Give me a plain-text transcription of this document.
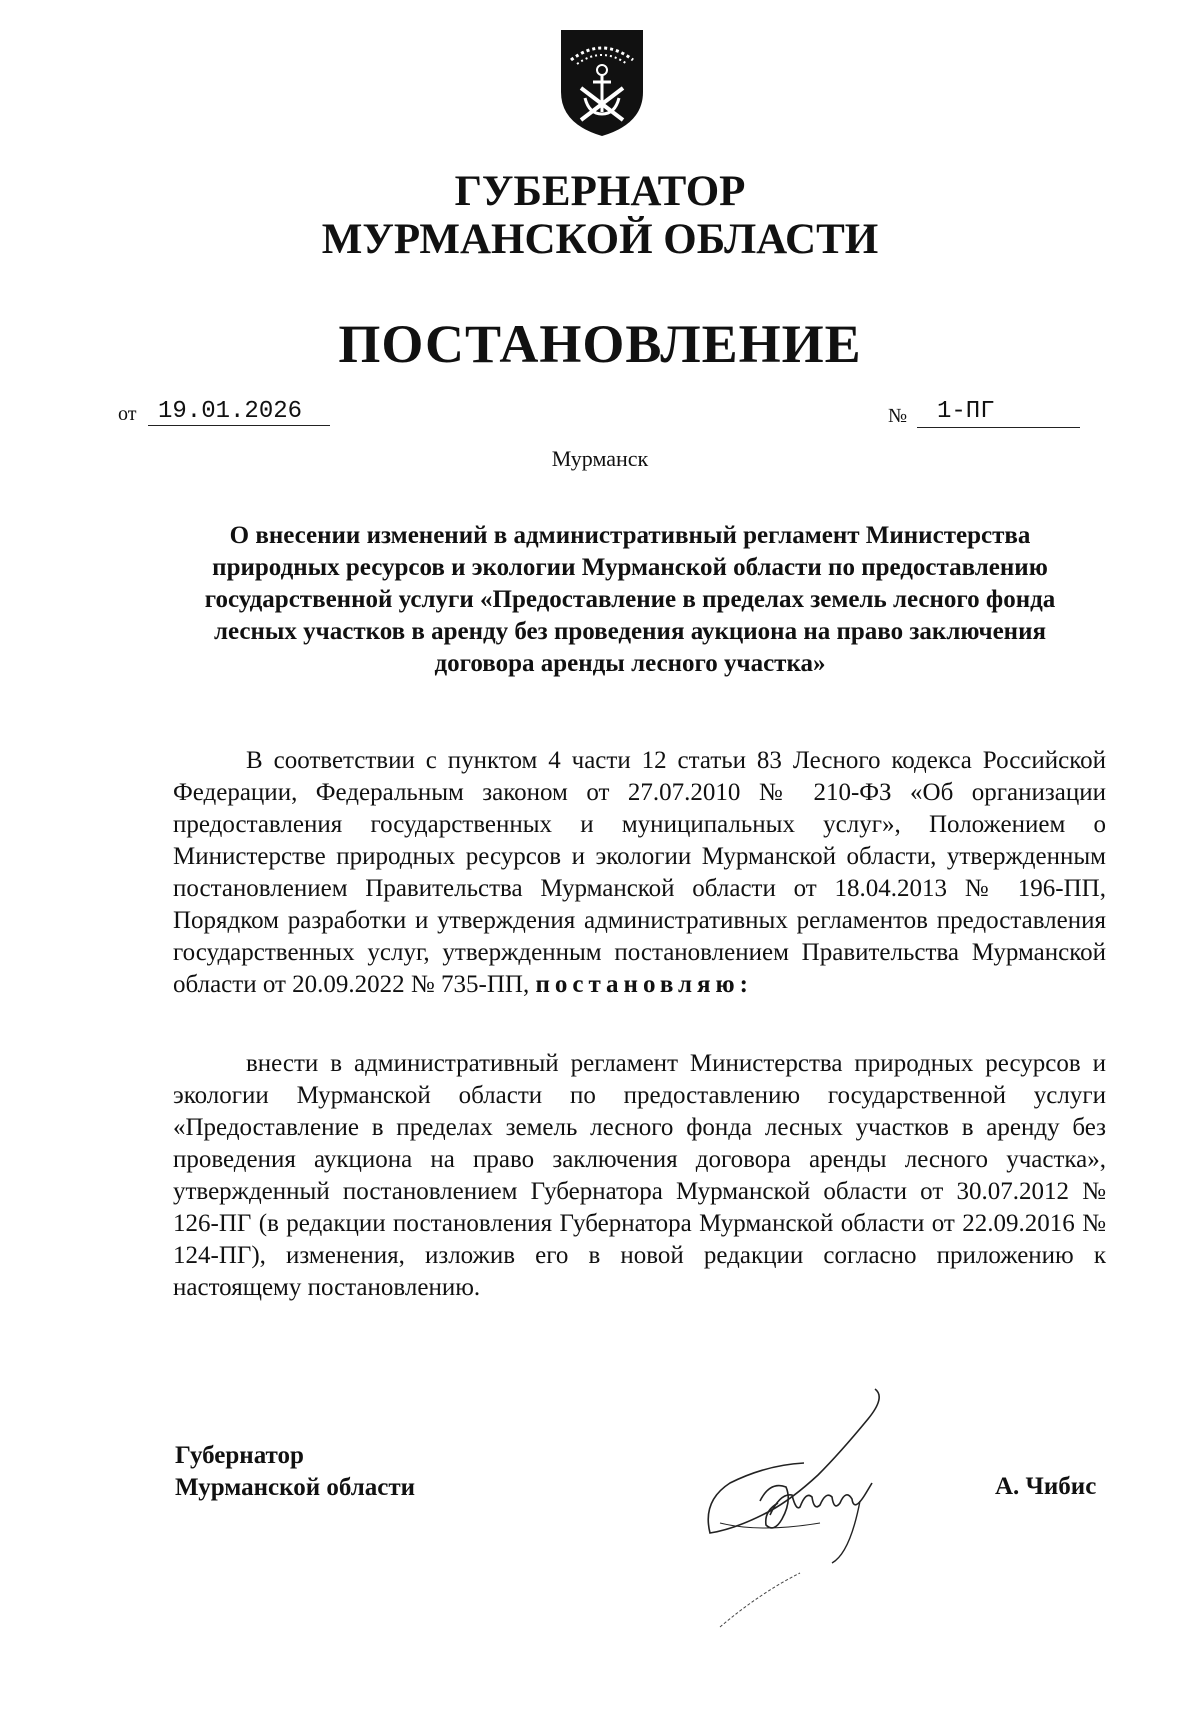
ГУБЕРНАТОР
МУРМАНСКОЙ ОБЛАСТИ
ПОСТАНОВЛЕНИЕ
от 19.01.2026	№ 1-ПГ
Мурманск
О внесении изменений в административный регламент Министерства природных ресурсов и экологии Мурманской области по предоставлению государственной услуги «Предоставление в пределах земель лесного фонда лесных участков в аренду без проведения аукциона на право заключения договора аренды лесного участка»

В соответствии с пунктом 4 части 12 статьи 83 Лесного кодекса Российской Федерации, Федеральным законом от 27.07.2010 № 210-ФЗ «Об организации предоставления государственных и муниципальных услуг», Положением о Министерстве природных ресурсов и экологии Мурманской области, утвержденным постановлением Правительства Мурманской области от 18.04.2013 № 196-ПП, Порядком разработки и утверждения административных регламентов предоставления государственных услуг, утвержденным постановлением Правительства Мурманской области от 20.09.2022 № 735-ПП, постановляю:

внести в административный регламент Министерства природных ресурсов и экологии Мурманской области по предоставлению государственной услуги «Предоставление в пределах земель лесного фонда лесных участков в аренду без проведения аукциона на право заключения договора аренды лесного участка», утвержденный постановлением Губернатора Мурманской области от 30.07.2012 № 126-ПГ (в редакции постановления Губернатора Мурманской области от 22.09.2016 № 124-ПГ), изменения, изложив его в новой редакции согласно приложению к настоящему постановлению.

Губернатор
Мурманской области	А. Чибис
